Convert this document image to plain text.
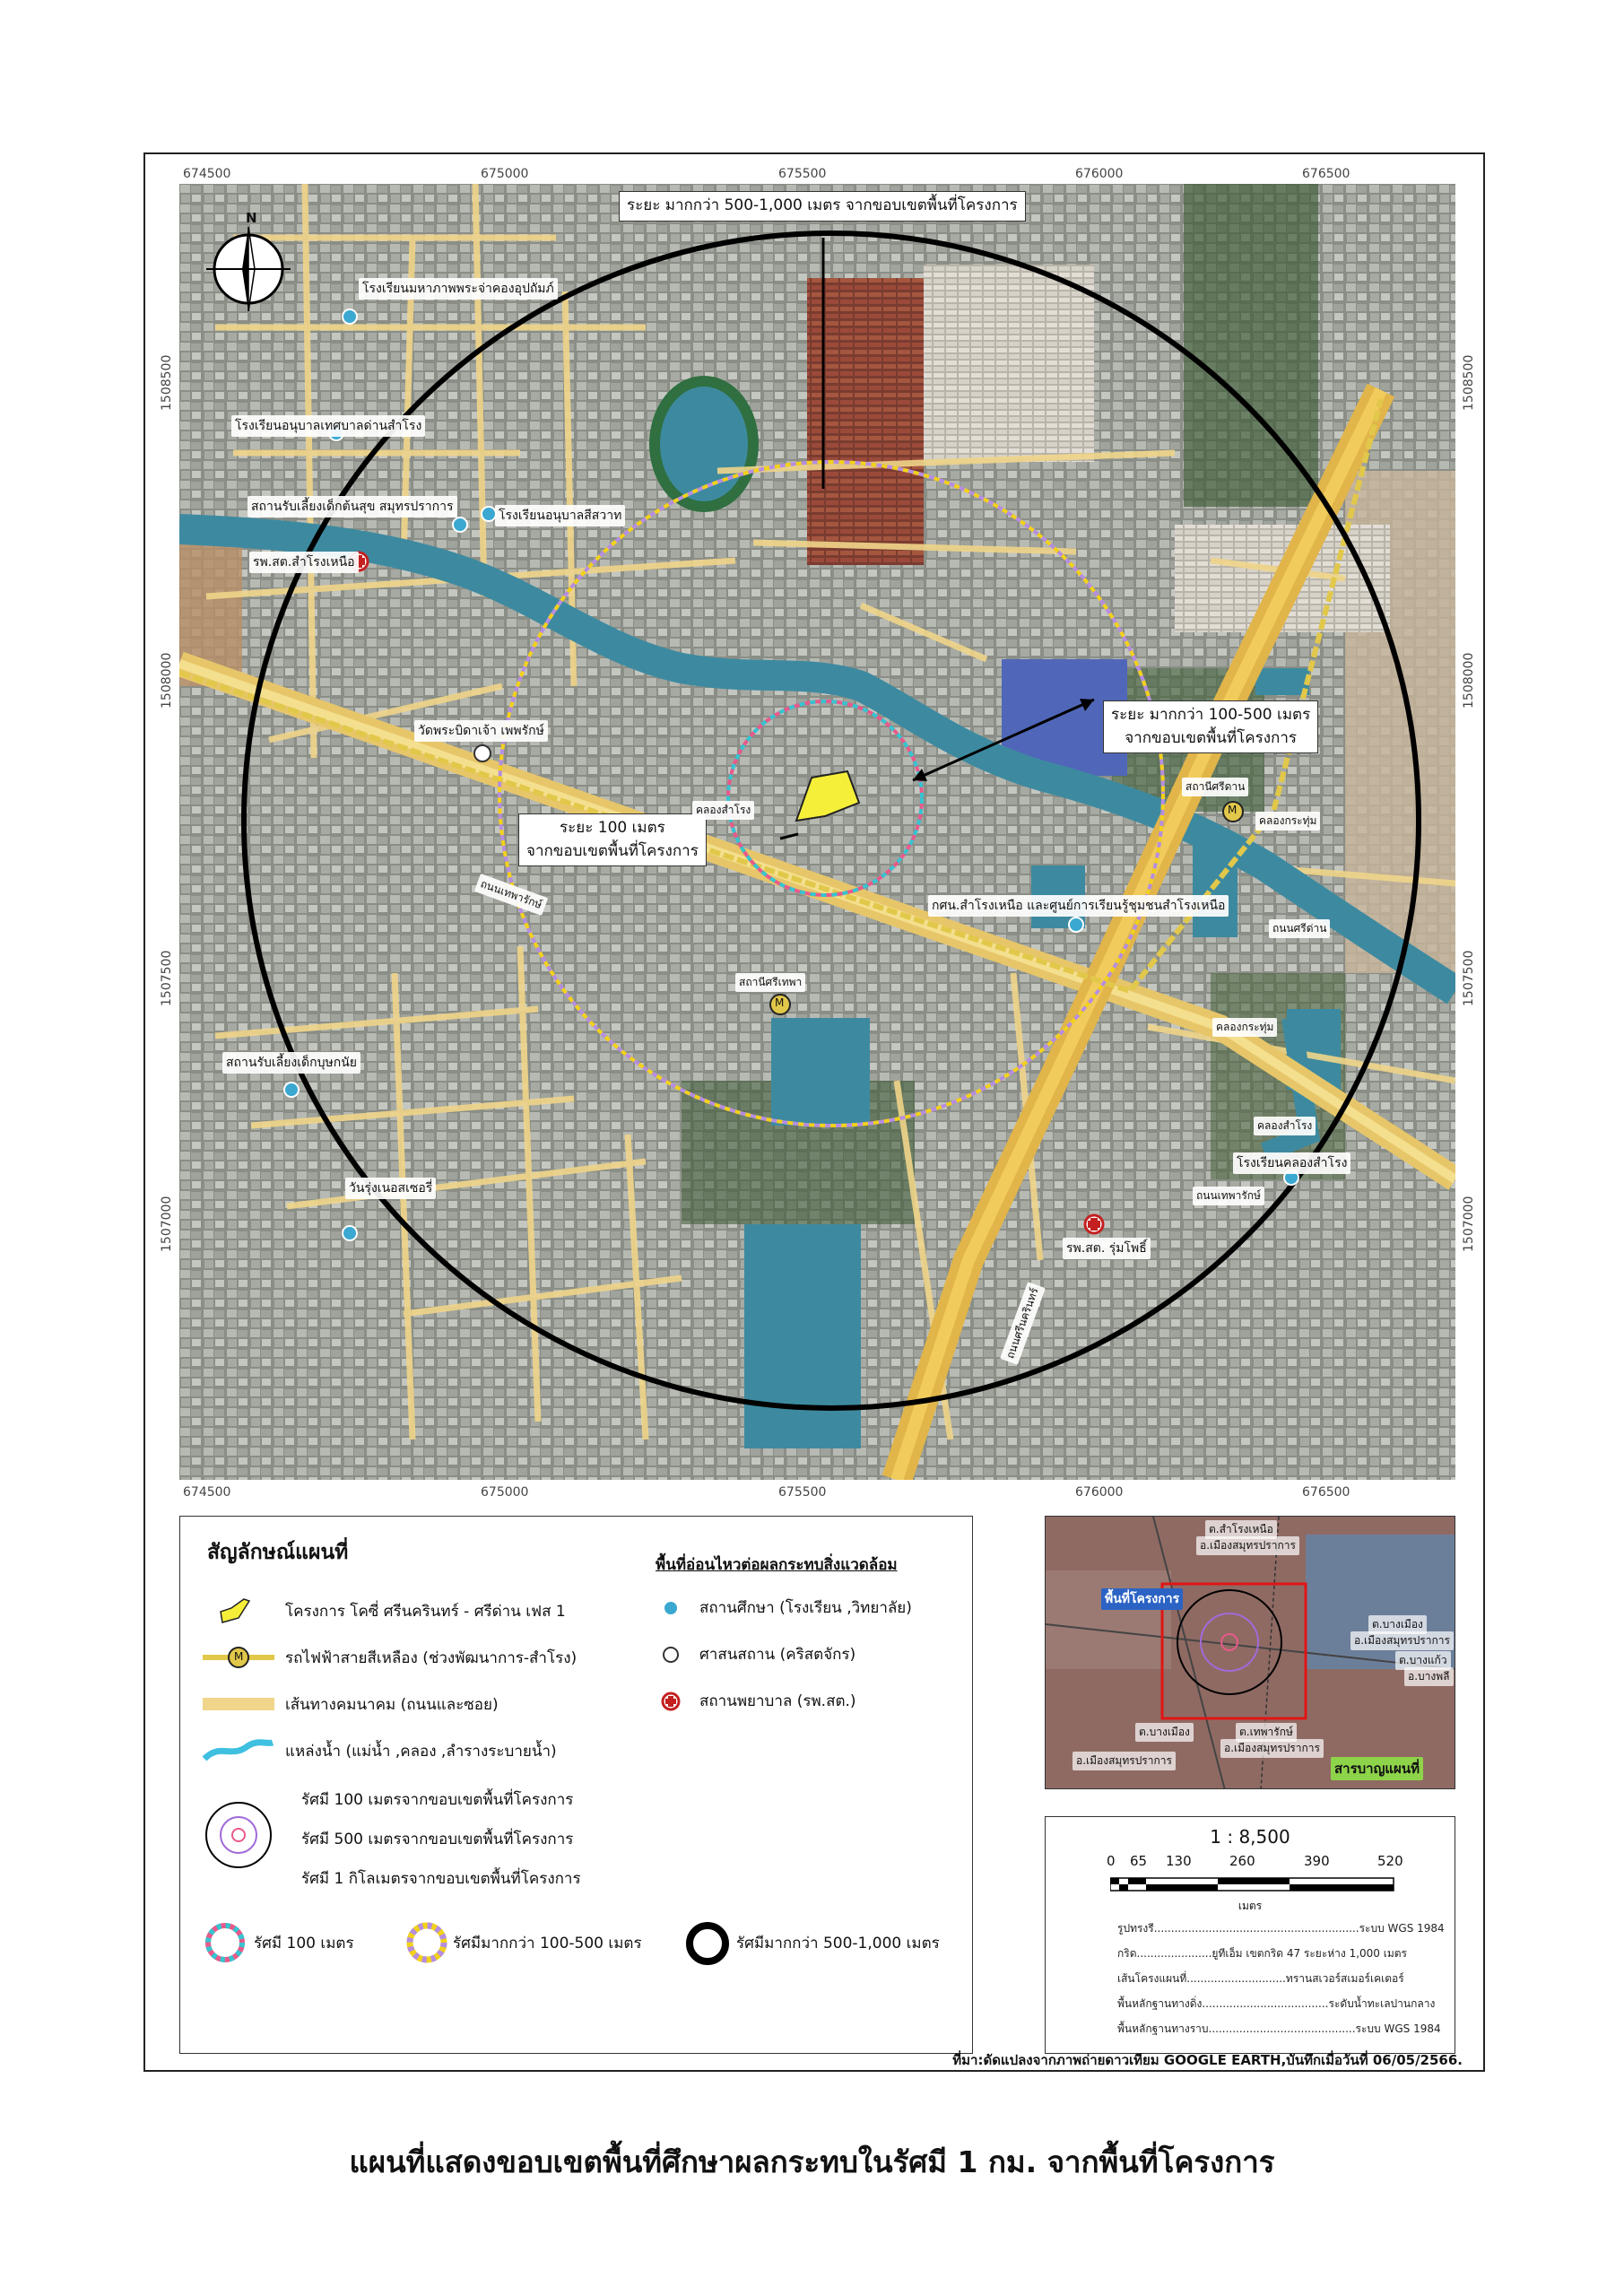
674500	675000	675500	676000	676500
674500	675000	675500	676000	676500
1508500
1508000
1507500
1507000
1508500
1508000
1507500
1507000
M
M
N
ระยะ มากกว่า 500-1,000 เมตร จากขอบเขตพื้นที่โครงการ
ระยะ มากกว่า 100-500 เมตร
จากขอบเขตพื้นที่โครงการ
ระยะ 100 เมตร
จากขอบเขตพื้นที่โครงการ
โรงเรียนมหาภาพพระจ่าคองอุปถัมภ์
โรงเรียนอนุบาลเทศบาลด่านสำโรง
สถานรับเลี้ยงเด็กต้นสุข สมุทรปราการ
โรงเรียนอนุบาลสีสวาท
รพ.สต.สำโรงเหนือ
วัดพระบิดาเจ้า เพพรักษ์
กศน.สำโรงเหนือ และศูนย์การเรียนรู้ชุมชนสำโรงเหนือ
สถานรับเลี้ยงเด็กบุษกนัย
วันรุ่งเนอสเซอรี่
โรงเรียนคลองสำโรง
รพ.สต. รุ่มโพธิ์
สถานีศรีเทพา
สถานีศรีดาน
คลองสำโรง
คลองสำโรง
คลองกระทุ่ม
คลองกระทุ่ม
ถนนเทพารักษ์
ถนนเทพารักษ์
ถนนศรีนครินทร์
ถนนศรีด่าน
สัญลักษณ์แผนที่
โครงการ โคซี่ ศรีนครินทร์ - ศรีด่าน เฟส 1
M	รถไฟฟ้าสายสีเหลือง (ช่วงพัฒนาการ-สำโรง)
เส้นทางคมนาคม (ถนนและซอย)
แหล่งน้ำ (แม่น้ำ ,คลอง ,ลำรางระบายน้ำ)
รัศมี 100 เมตรจากขอบเขตพื้นที่โครงการ
รัศมี 500 เมตรจากขอบเขตพื้นที่โครงการ
รัศมี 1 กิโลเมตรจากขอบเขตพื้นที่โครงการ
รัศมี 100 เมตร	รัศมีมากกว่า 100-500 เมตร	รัศมีมากกว่า 500-1,000 เมตร
พื้นที่อ่อนไหวต่อผลกระทบสิ่งแวดล้อม
สถานศึกษา (โรงเรียน ,วิทยาลัย)
ศาสนสถาน (คริสตจักร)
สถานพยาบาล (รพ.สต.)
ต.สำโรงเหนือ
อ.เมืองสมุทรปราการ
พื้นที่โครงการ
ต.บางเมือง
อ.เมืองสมุทรปราการ
ต.เทพารักษ์
อ.เมืองสมุทรปราการ
ต.บางเมือง
อ.เมืองสมุทรปราการ
ต.บางแก้ว
อ.บางพลี
สารบาญแผนที่
1 : 8,500
0 65 130	260	390	520
เมตร
รูปทรงรี............................................................ระบบ WGS 1984
กริด......................ยูทีเอ็ม เขตกริด 47 ระยะห่าง 1,000 เมตร
เส้นโครงแผนที่.............................ทรานสเวอร์สเมอร์เคเตอร์
พื้นหลักฐานทางดิ่ง.....................................ระดับน้ำทะเลปานกลาง
พื้นหลักฐานทางราบ...........................................ระบบ WGS 1984
ที่มา:ดัดแปลงจากภาพถ่ายดาวเทียม GOOGLE EARTH,บันทึกเมื่อวันที่ 06/05/2566.
แผนที่แสดงขอบเขตพื้นที่ศึกษาผลกระทบในรัศมี 1 กม. จากพื้นที่โครงการ
